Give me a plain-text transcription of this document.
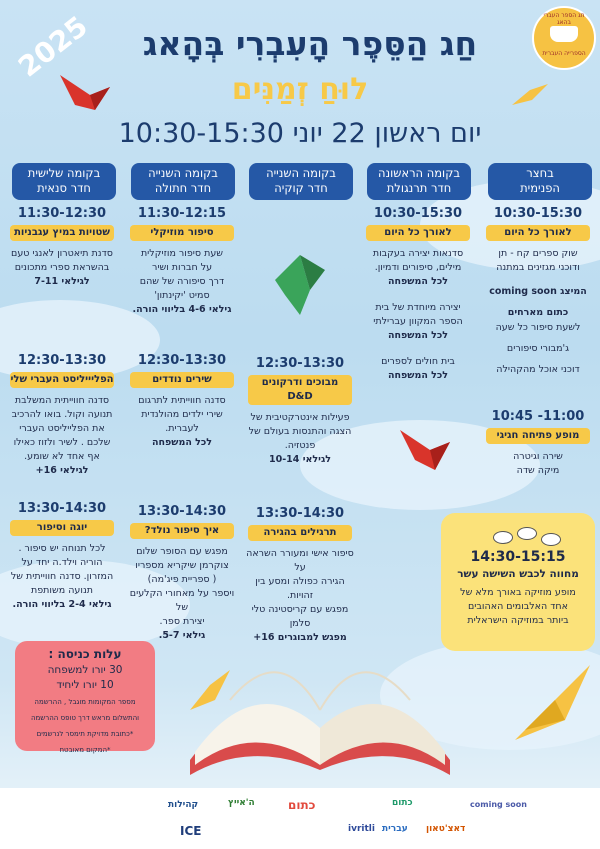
2025	חַג הַסֵּפֶר הָעִבְרִי בְּהָאג
לוּחַ זְמַנִּים
יום ראשון 22 יוני 10:30-15:30
חג הספר העברי בהאג
הספרייה העברית
בחצר
הפנימית
בקומה הראשונה
חדר תרנגולת
בקומה השנייה
חדר קוקיה
בקומה השנייה
חדר חתולה
בקומה שלישית
חדר סנאית
10:30-15:30
לאורך כל היום
שוק ספרים קח - תן
ודוכני מגזינים במתנה
המיצג coming soon
כתום מארחים
לשעת סיפור כל שעה
ג'מבורי סיפורים
דוכני אוכל מהקהילה
10:45 -11:00
מופע פתיחה חגיגי
שירה וגיטרה
מיקה שדה
10:30-15:30
לאורך כל היום
סדנאות יצירה בעקבות
מילים, סיפורים ודמיון.
לכל המשפחה
יצירה מיוחדת של בית
הספר המקוון עברילתי
לכל המשפחה
בית חולים לספרים
לכל המשפחה
12:30-13:30
מבוכים ודרקונים D&D
פעילות אינטרקטיבית של
הצגה והתנסות בעולם של
פנטזיה.
לגילאי 10-14
13:30-14:30
תרגילים בהגירה
סיפור אישי ומעורר השראה על
הגירה כפולה ומסע בין זהויות.
מפגש עם קריסטינה טלי סלמן
מפגש למבוגרים 16+
11:30-12:15
סיפור מוזיקלי
שעת סיפור מוזיקלית
על חברות ושיר
דרך סיפורה של שהם
סמיט 'יקינתון'
גילאי 4-6 בליווי הורה.
12:30-13:30
שירים נודדים
סדנה חווייתית לתרגום
שירי ילדים מהולנדית
לעברית.
לכל המשפחה
13:30-14:30
איך סיפור נולד?
מפגש עם הסופר שלום
צוקרמן שיקריא מספריו
( ספריית פיג'מה)
ויספר על מאחורי הקלעים של
יצירת ספר.
גילאי 5-7.
11:30-12:30
שטויות במיץ עגבניות
סדנת תיאטרון לאנגי טעם
בהשראת ספרי מתכונים
לגילאי 7-11
12:30-13:30
הפליייליסט העברי שלי
סדנה חווייתית המשלבת
תנועה וקול. בואו להרכיב
את הפלייליסט העברי
שלכם . לשיר ולזוז כאילו
אף אחד לא שומע.
לגילאי 16+
13:30-14:30
יוגה וסיפור
לכל תנוחה יש סיפור .
הוריה וילד.ה יחד על
המזרון. סדנה חווייתית של
תנועה משותפת
גילאי 2-4 בליווי הורה.
14:30-15:15
מחווה לכבש השישה עשר
מופע מוזיקה באורך מלא של
אחד האלבומים האהובים
ביותר במוזיקה הישראלית
עלות כניסה :
30 יורו למשפחה
10 יורו ליחיד
מספר המקומות מוגבל , ההרשמה
והתשלום מראש דרך טופס ההרשמה
*כתובת מדויקת תימסר לנרשמים
*המקום מאובטח
coming soon
כתום
עברית
כתום
ה'אייץ
קהילות
דאצ'טאון
ivritli
ICE
